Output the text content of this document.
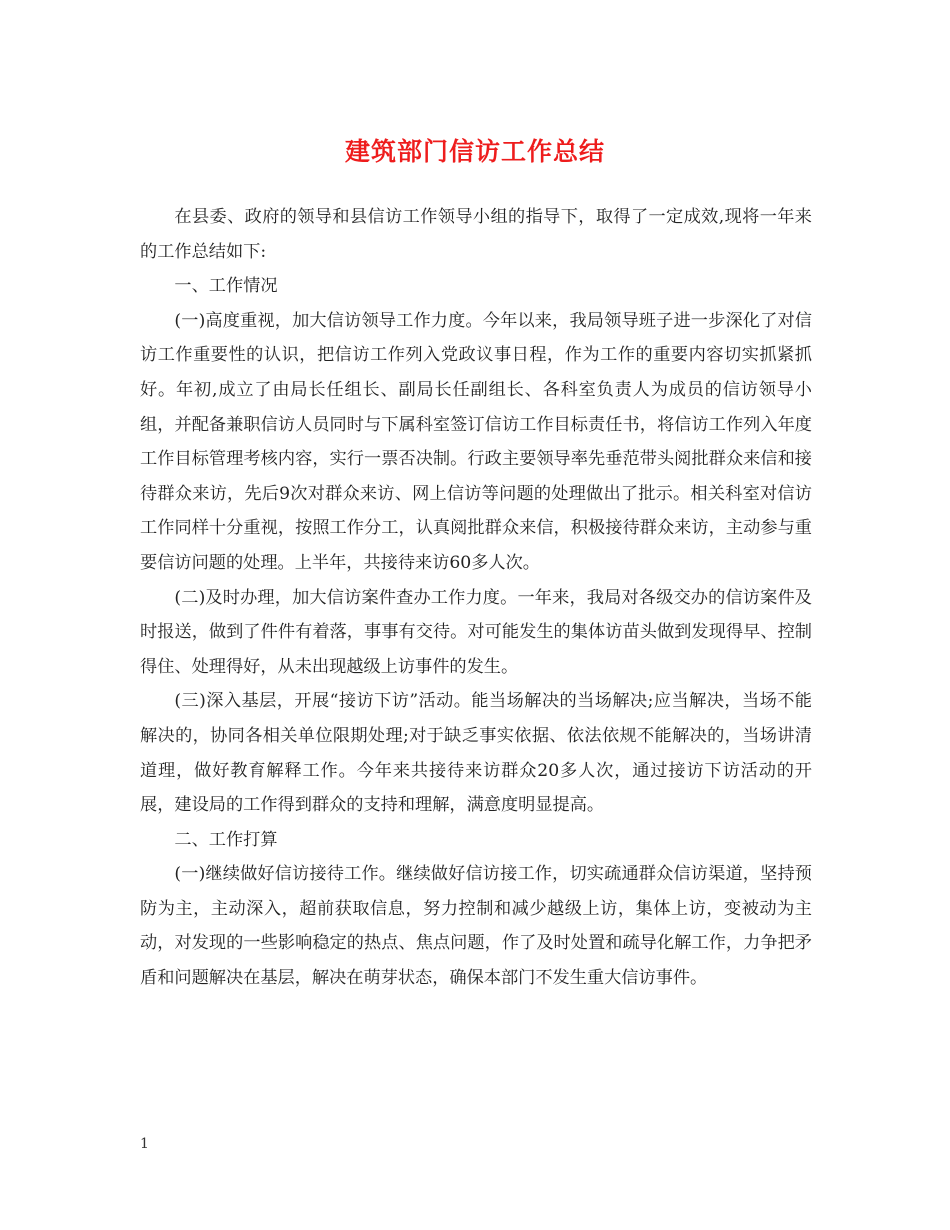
建筑部门信访工作总结

在县委、政府的领导和县信访工作领导小组的指导下，取得了一定成效,现将一年来的工作总结如下:

一、工作情况

(一)高度重视，加大信访领导工作力度。今年以来，我局领导班子进一步深化了对信访工作重要性的认识，把信访工作列入党政议事日程，作为工作的重要内容切实抓紧抓好。年初,成立了由局长任组长、副局长任副组长、各科室负责人为成员的信访领导小组，并配备兼职信访人员同时与下属科室签订信访工作目标责任书，将信访工作列入年度工作目标管理考核内容，实行一票否决制。行政主要领导率先垂范带头阅批群众来信和接待群众来访，先后9次对群众来访、网上信访等问题的处理做出了批示。相关科室对信访工作同样十分重视，按照工作分工，认真阅批群众来信，积极接待群众来访，主动参与重要信访问题的处理。上半年，共接待来访60多人次。

(二)及时办理，加大信访案件查办工作力度。一年来，我局对各级交办的信访案件及时报送，做到了件件有着落，事事有交待。对可能发生的集体访苗头做到发现得早、控制得住、处理得好，从未出现越级上访事件的发生。

(三)深入基层，开展“接访下访”活动。能当场解决的当场解决;应当解决，当场不能解决的，协同各相关单位限期处理;对于缺乏事实依据、依法依规不能解决的，当场讲清道理，做好教育解释工作。今年来共接待来访群众20多人次，通过接访下访活动的开展，建设局的工作得到群众的支持和理解，满意度明显提高。

二、工作打算

(一)继续做好信访接待工作。继续做好信访接工作，切实疏通群众信访渠道，坚持预防为主，主动深入，超前获取信息，努力控制和减少越级上访，集体上访，变被动为主动，对发现的一些影响稳定的热点、焦点问题，作了及时处置和疏导化解工作，力争把矛盾和问题解决在基层，解决在萌芽状态，确保本部门不发生重大信访事件。

1
